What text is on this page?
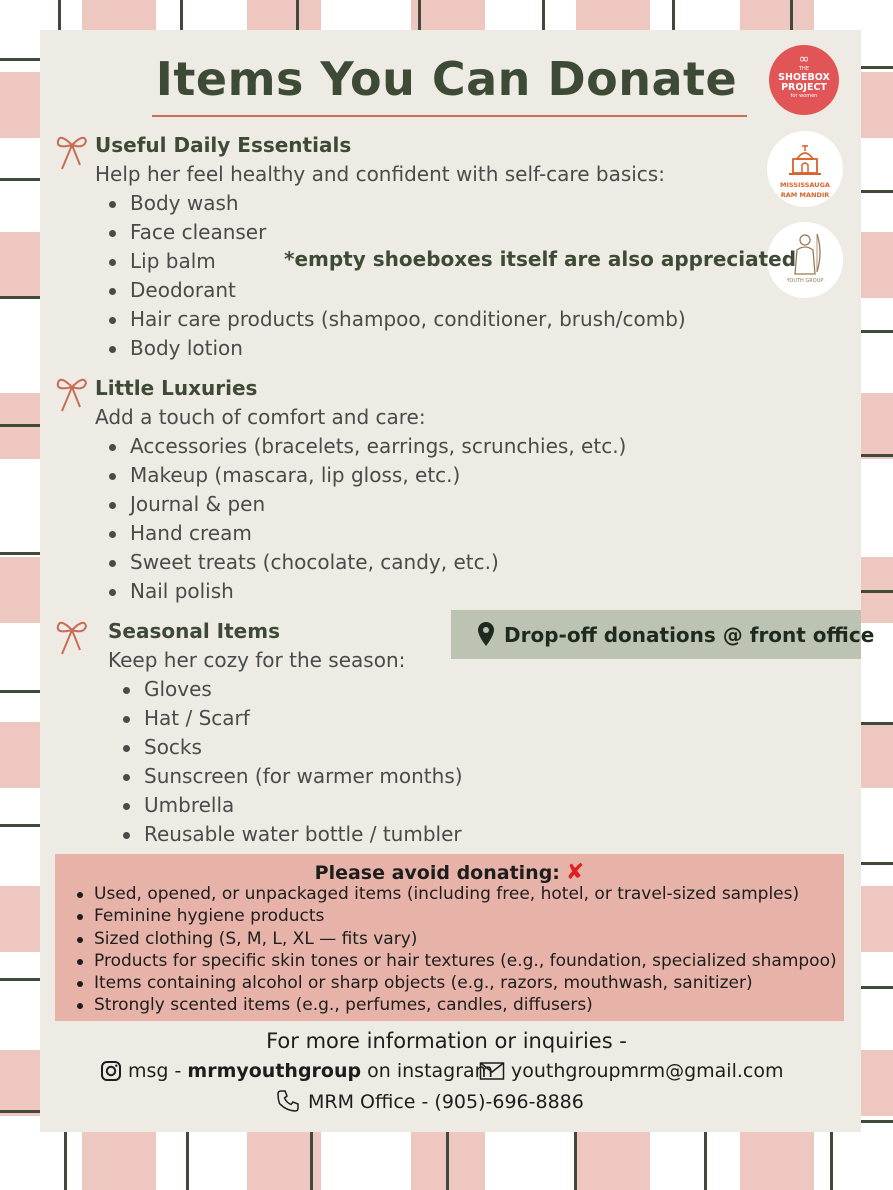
Items You Can Donate	∞
THE
SHOEBOX PROJECT
for women
MISSISSAUGA
RAM MANDIR
YOUTH GROUP
Useful Daily Essentials
Help her feel healthy and confident with self-care basics:
Body wash
Face cleanser
Lip balm
Deodorant
Hair care products (shampoo, conditioner, brush/comb)
Body lotion
*empty shoeboxes itself are also appreciated
Little Luxuries
Add a touch of comfort and care:
Accessories (bracelets, earrings, scrunchies, etc.)
Makeup (mascara, lip gloss, etc.)
Journal & pen
Hand cream
Sweet treats (chocolate, candy, etc.)
Nail polish
Seasonal Items
Keep her cozy for the season:
Gloves
Hat / Scarf
Socks
Sunscreen (for warmer months)
Umbrella
Reusable water bottle / tumbler
Drop-off donations @ front office
Please avoid donating: ✘
Used, opened, or unpackaged items (including free, hotel, or travel-sized samples)
Feminine hygiene products
Sized clothing (S, M, L, XL — fits vary)
Products for specific skin tones or hair textures (e.g., foundation, specialized shampoo)
Items containing alcohol or sharp objects (e.g., razors, mouthwash, sanitizer)
Strongly scented items (e.g., perfumes, candles, diffusers)
For more information or inquiries -
msg - mrmyouthgroup on instagram youthgroupmrm@gmail.com
MRM Office - (905)-696-8886
